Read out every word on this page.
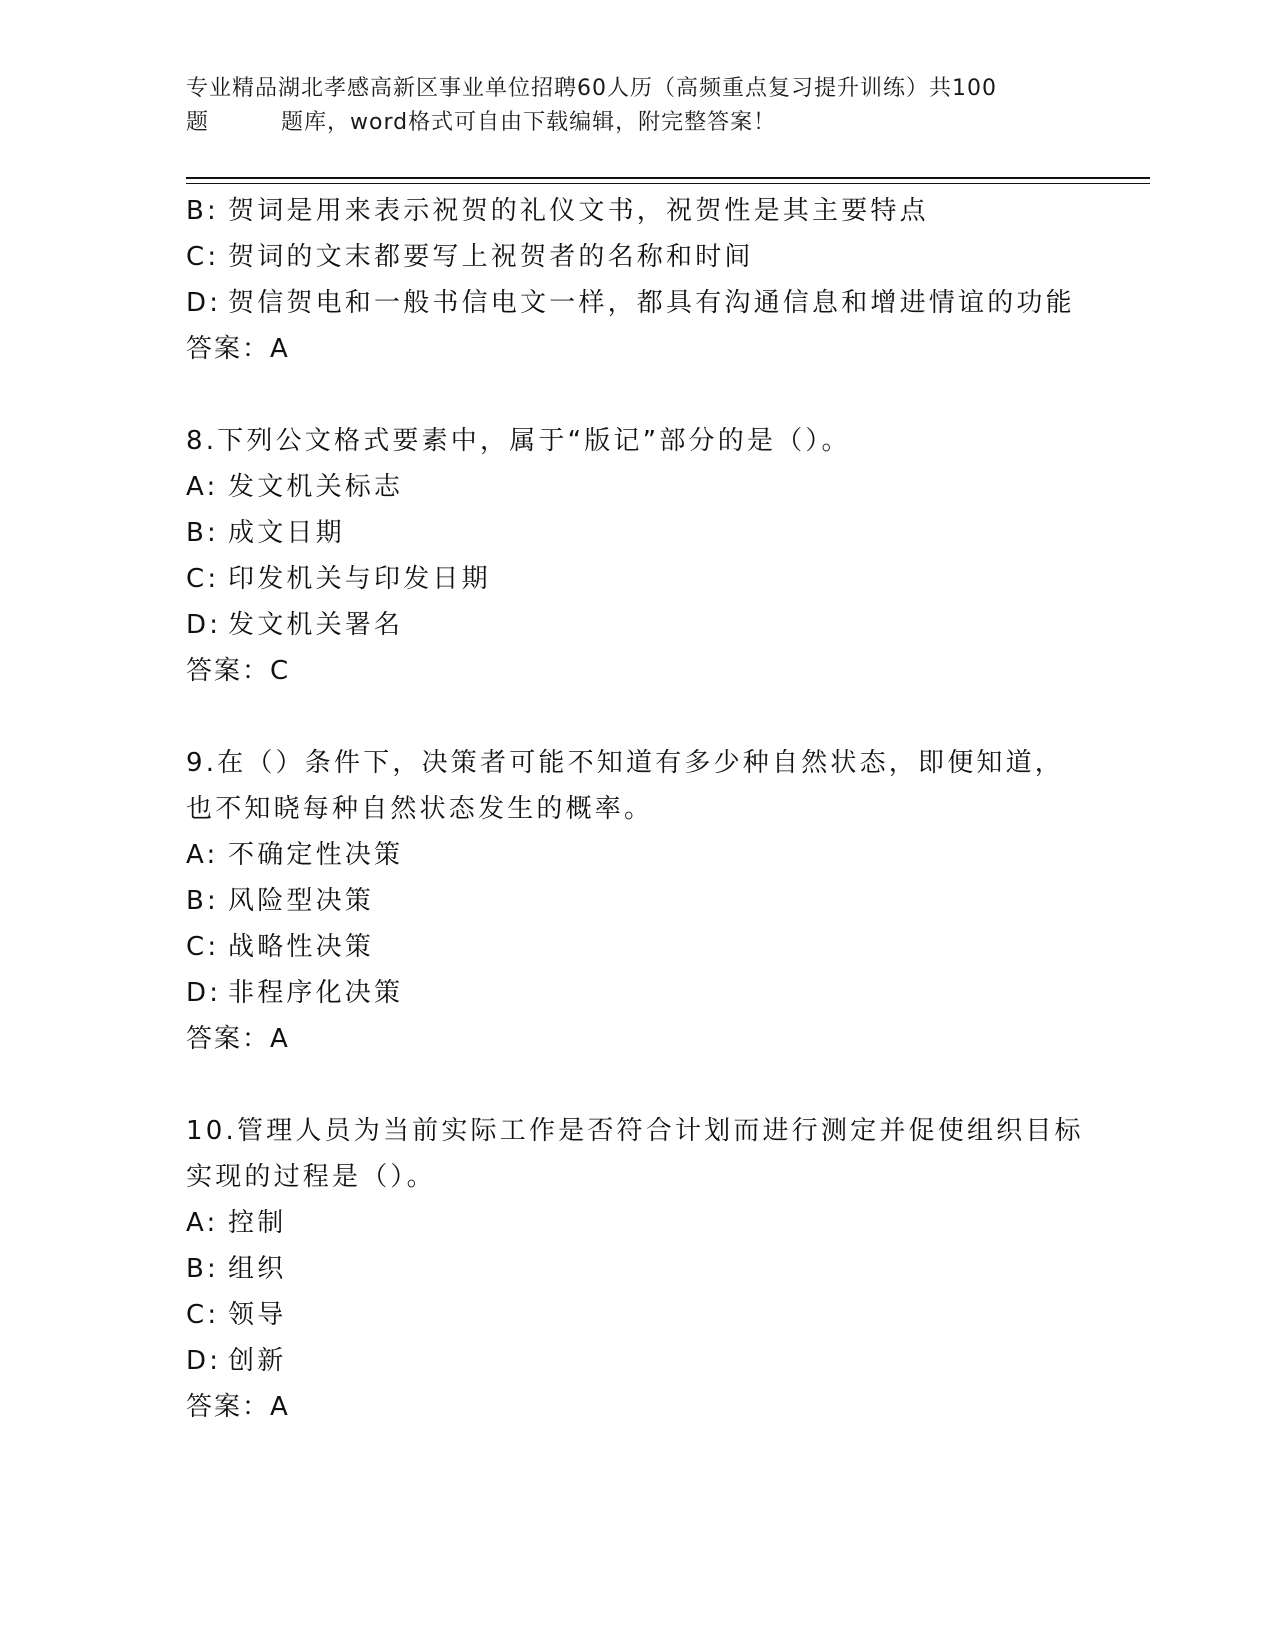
专业精品湖北孝感高新区事业单位招聘60人历（高频重点复习提升训练）共100
题	题库，word格式可自由下载编辑，附完整答案！
B: 贺词是用来表示祝贺的礼仪文书，祝贺性是其主要特点
C: 贺词的文末都要写上祝贺者的名称和时间
D: 贺信贺电和一般书信电文一样，都具有沟通信息和增进情谊的功能
答案：A
8.下列公文格式要素中，属于“版记”部分的是（）。
A: 发文机关标志
B: 成文日期
C: 印发机关与印发日期
D: 发文机关署名
答案：C
9.在（）条件下，决策者可能不知道有多少种自然状态，即便知道，
也不知晓每种自然状态发生的概率。
A: 不确定性决策
B: 风险型决策
C: 战略性决策
D: 非程序化决策
答案：A
10.管理人员为当前实际工作是否符合计划而进行测定并促使组织目标
实现的过程是（）。
A: 控制
B: 组织
C: 领导
D: 创新
答案：A
